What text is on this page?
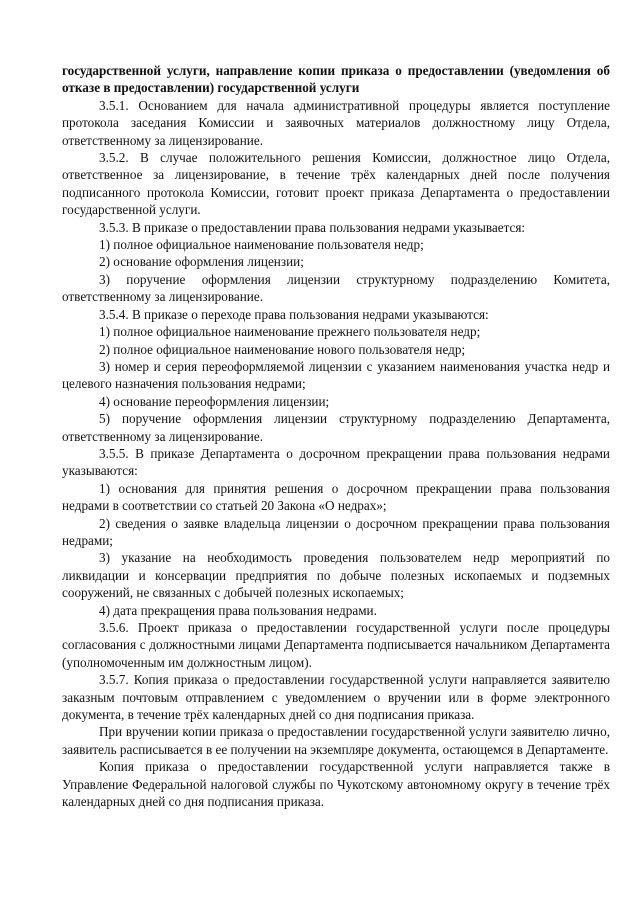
государственной услуги, направление копии приказа о предоставлении (уведомления об отказе в предоставлении) государственной услуги

3.5.1. Основанием для начала административной процедуры является поступление протокола заседания Комиссии и заявочных материалов должностному лицу Отдела, ответственному за лицензирование.

3.5.2. В случае положительного решения Комиссии, должностное лицо Отдела, ответственное за лицензирование, в течение трёх календарных дней после получения подписанного протокола Комиссии, готовит проект приказа Департамента о предоставлении государственной услуги.

3.5.3. В приказе о предоставлении права пользования недрами указывается:

1) полное официальное наименование пользователя недр;

2) основание оформления лицензии;

3) поручение оформления лицензии структурному подразделению Комитета, ответственному за лицензирование.

3.5.4. В приказе о переходе права пользования недрами указываются:

1) полное официальное наименование прежнего пользователя недр;

2) полное официальное наименование нового пользователя недр;

3) номер и серия переоформляемой лицензии с указанием наименования участка недр и целевого назначения пользования недрами;

4) основание переоформления лицензии;

5) поручение оформления лицензии структурному подразделению Департамента, ответственному за лицензирование.

3.5.5. В приказе Департамента о досрочном прекращении права пользования недрами указываются:

1) основания для принятия решения о досрочном прекращении права пользования недрами в соответствии со статьей 20 Закона «О недрах»;

2) сведения о заявке владельца лицензии о досрочном прекращении права пользования недрами;

3) указание на необходимость проведения пользователем недр мероприятий по ликвидации и консервации предприятия по добыче полезных ископаемых и подземных сооружений, не связанных с добычей полезных ископаемых;

4) дата прекращения права пользования недрами.

3.5.6. Проект приказа о предоставлении государственной услуги после процедуры согласования с должностными лицами Департамента подписывается начальником Департамента (уполномоченным им должностным лицом).

3.5.7. Копия приказа о предоставлении государственной услуги направляется заявителю заказным почтовым отправлением с уведомлением о вручении или в форме электронного документа, в течение трёх календарных дней со дня подписания приказа.

При вручении копии приказа о предоставлении государственной услуги заявителю лично, заявитель расписывается в ее получении на экземпляре документа, остающемся в Департаменте.

Копия приказа о предоставлении государственной услуги направляется также в Управление Федеральной налоговой службы по Чукотскому автономному округу в течение трёх календарных дней со дня подписания приказа.
